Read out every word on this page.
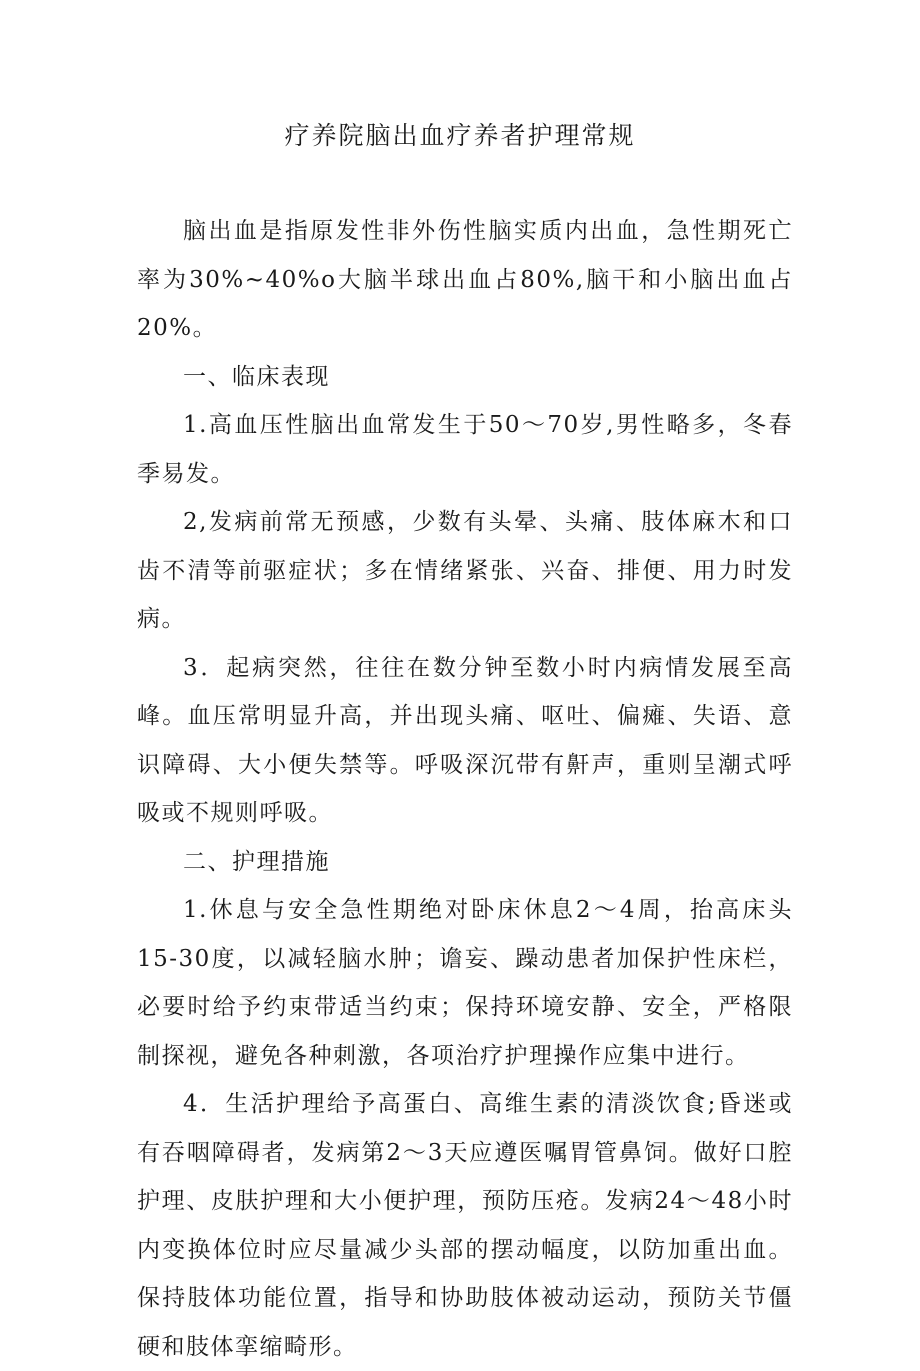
疗养院脑出血疗养者护理常规

脑出血是指原发性非外伤性脑实质内出血，急性期死亡率为30%~40%o大脑半球出血占80%,脑干和小脑出血占20%。

一、临床表现

1.高血压性脑出血常发生于50～70岁,男性略多，冬春季易发。

2,发病前常无预感，少数有头晕、头痛、肢体麻木和口齿不清等前驱症状；多在情绪紧张、兴奋、排便、用力时发病。

3．起病突然，往往在数分钟至数小时内病情发展至高峰。血压常明显升高，并出现头痛、呕吐、偏瘫、失语、意识障碍、大小便失禁等。呼吸深沉带有鼾声，重则呈潮式呼吸或不规则呼吸。

二、护理措施

1.休息与安全急性期绝对卧床休息2～4周，抬高床头15-30度，以减轻脑水肿；谵妄、躁动患者加保护性床栏，必要时给予约束带适当约束；保持环境安静、安全，严格限制探视，避免各种刺激，各项治疗护理操作应集中进行。

4．生活护理给予高蛋白、高维生素的清淡饮食;昏迷或有吞咽障碍者，发病第2～3天应遵医嘱胃管鼻饲。做好口腔护理、皮肤护理和大小便护理，预防压疮。发病24～48小时内变换体位时应尽量减少头部的摆动幅度，以防加重出血。保持肢体功能位置，指导和协助肢体被动运动，预防关节僵硬和肢体挛缩畸形。
